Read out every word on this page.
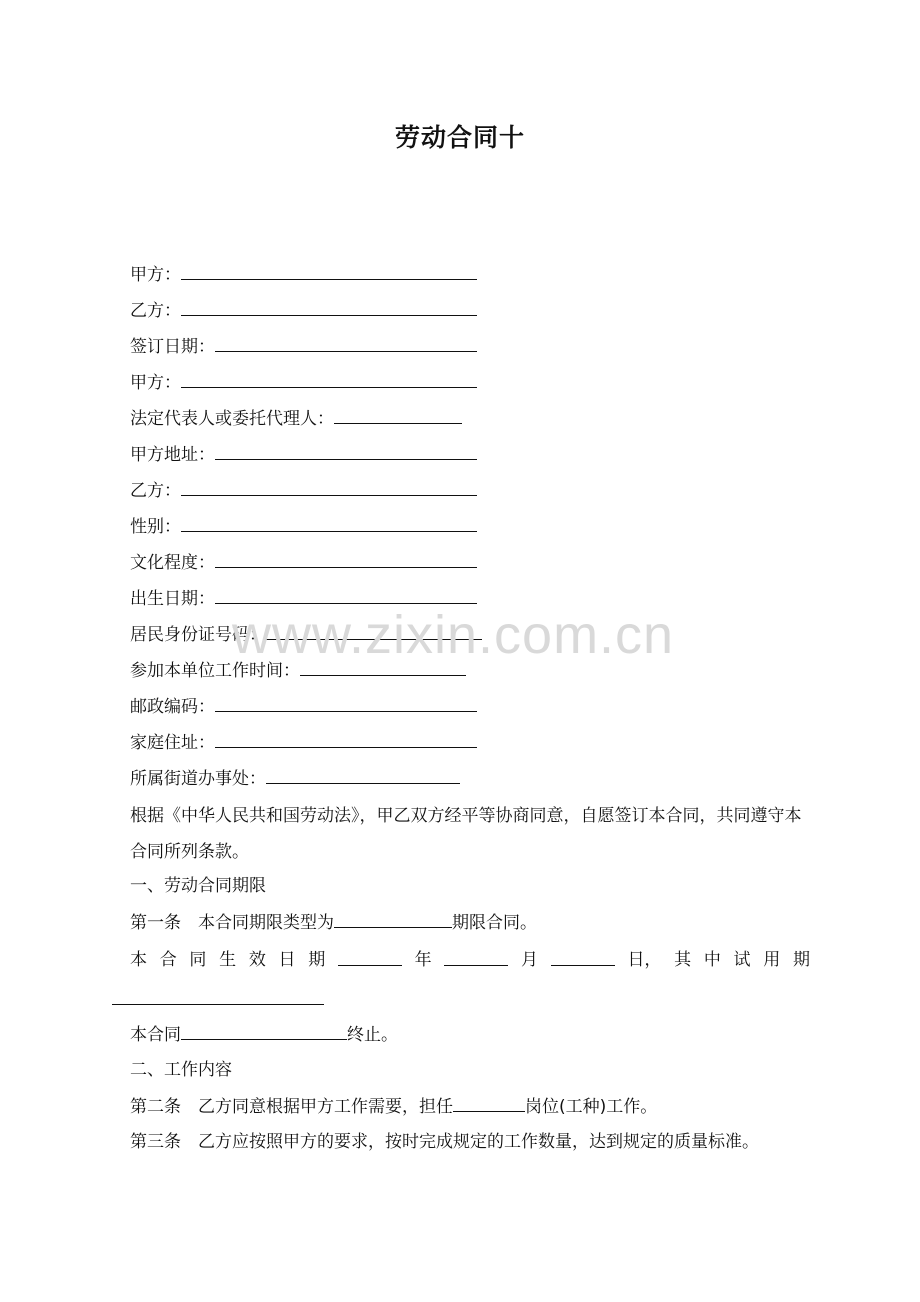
劳动合同十
甲方：
乙方：
签订日期：
甲方：
法定代表人或委托代理人：
甲方地址：
乙方：
性别：
文化程度：
出生日期：
居民身份证号码：
参加本单位工作时间：
邮政编码：
家庭住址：
所属街道办事处：
根据《中华人民共和国劳动法》，甲乙双方经平等协商同意，自愿签订本合同，共同遵守本合同所列条款。
一、劳动合同期限
第一条　本合同期限类型为	期限合同。
本 合 同 生 效 日 期	年	月	日， 其 中 试 用 期
本合同	终止。
二、工作内容
第二条　乙方同意根据甲方工作需要，担任	岗位(工种)工作。
第三条　乙方应按照甲方的要求，按时完成规定的工作数量，达到规定的质量标准。
www.zixin.com.cn
